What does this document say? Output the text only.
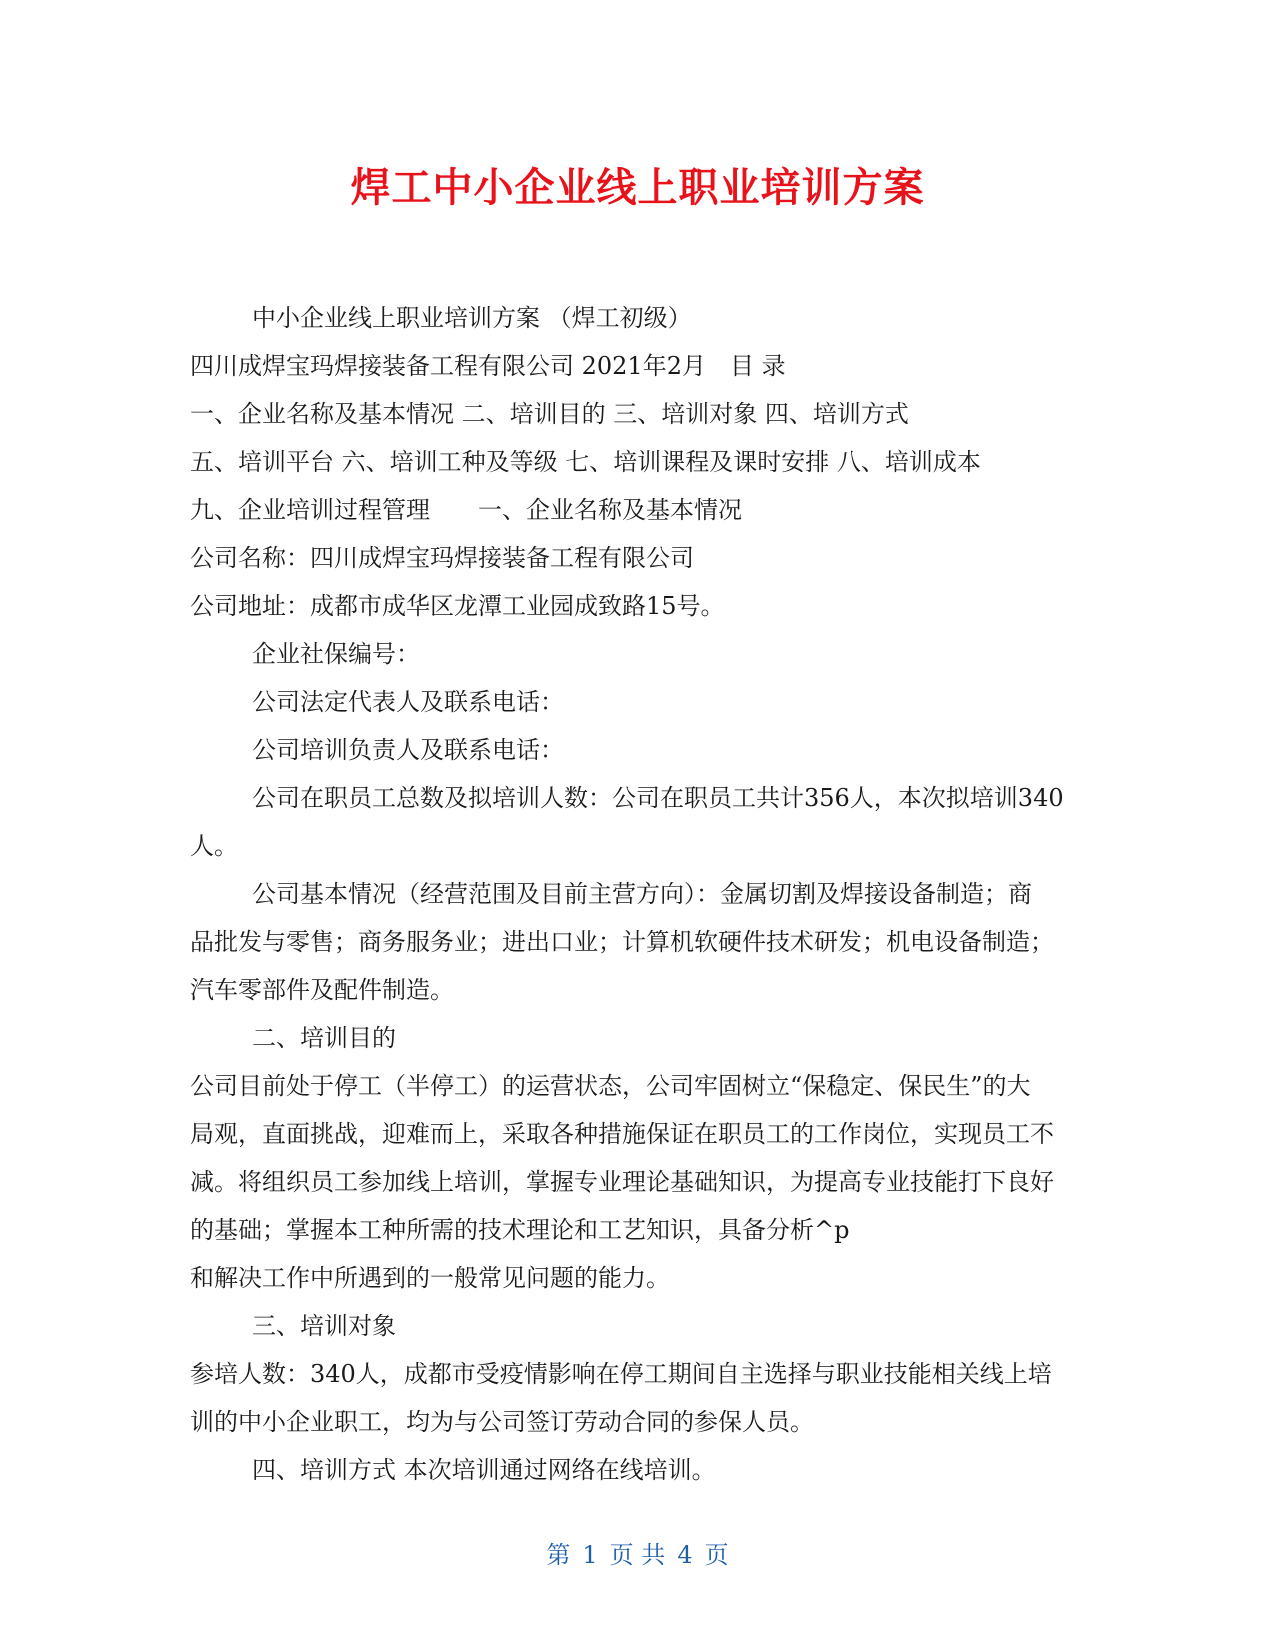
焊工中小企业线上职业培训方案
中小企业线上职业培训方案 （焊工初级）
四川成焊宝玛焊接装备工程有限公司 2021年2月　目 录
一、企业名称及基本情况 二、培训目的 三、培训对象 四、培训方式
五、培训平台 六、培训工种及等级 七、培训课程及课时安排 八、培训成本
九、企业培训过程管理　　一、企业名称及基本情况
公司名称：四川成焊宝玛焊接装备工程有限公司
公司地址：成都市成华区龙潭工业园成致路15号。
企业社保编号：
公司法定代表人及联系电话：
公司培训负责人及联系电话：
公司在职员工总数及拟培训人数：公司在职员工共计356人，本次拟培训340
人。
公司基本情况（经营范围及目前主营方向）：金属切割及焊接设备制造；商
品批发与零售；商务服务业；进出口业；计算机软硬件技术研发；机电设备制造；
汽车零部件及配件制造。
二、培训目的
公司目前处于停工（半停工）的运营状态，公司牢固树立“保稳定、保民生”的大
局观，直面挑战，迎难而上，采取各种措施保证在职员工的工作岗位，实现员工不
减。将组织员工参加线上培训，掌握专业理论基础知识，为提高专业技能打下良好
的基础；掌握本工种所需的技术理论和工艺知识，具备分析^p
和解决工作中所遇到的一般常见问题的能力。
三、培训对象
参培人数：340人，成都市受疫情影响在停工期间自主选择与职业技能相关线上培
训的中小企业职工，均为与公司签订劳动合同的参保人员。
四、培训方式 本次培训通过网络在线培训。
第 1 页 共 4 页
